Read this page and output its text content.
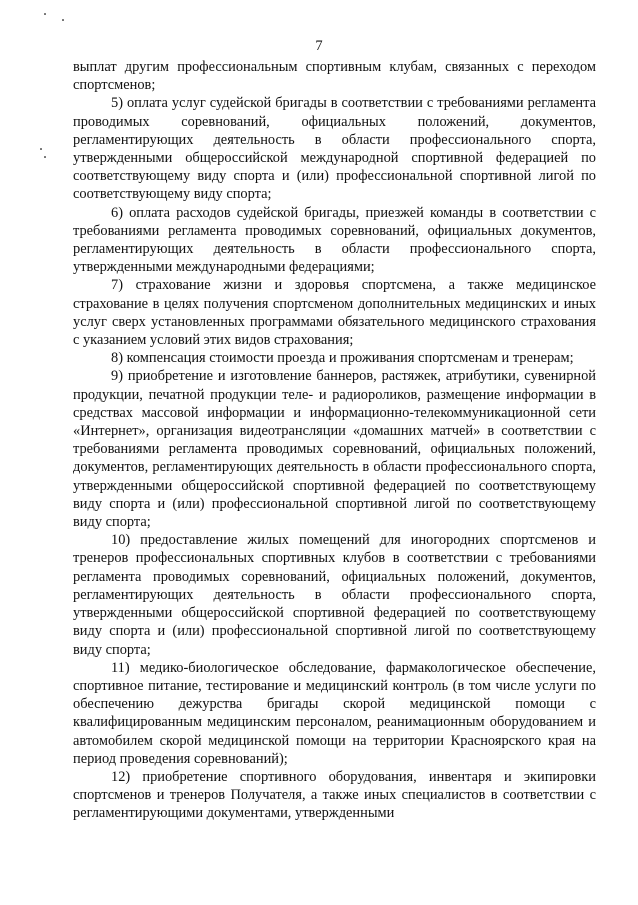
7

выплат другим профессиональным спортивным клубам, связанных с переходом спортсменов;

5) оплата услуг судейской бригады в соответствии с требованиями регламента проводимых соревнований, официальных положений, документов, регламентирующих деятельность в области профессионального спорта, утвержденными общероссийской международной спортивной федерацией по соответствующему виду спорта и (или) профессиональной спортивной лигой по соответствующему виду спорта;

6) оплата расходов судейской бригады, приезжей команды в соответствии с требованиями регламента проводимых соревнований, официальных документов, регламентирующих деятельность в области профессионального спорта, утвержденными международными федерациями;

7) страхование жизни и здоровья спортсмена, а также медицинское страхование в целях получения спортсменом дополнительных медицинских и иных услуг сверх установленных программами обязательного медицинского страхования с указанием условий этих видов страхования;

8) компенсация стоимости проезда и проживания спортсменам и тренерам;

9) приобретение и изготовление баннеров, растяжек, атрибутики, сувенирной продукции, печатной продукции теле- и радиороликов, размещение информации в средствах массовой информации и информационно-телекоммуникационной сети «Интернет», организация видеотрансляции «домашних матчей» в соответствии с требованиями регламента проводимых соревнований, официальных положений, документов, регламентирующих деятельность в области профессионального спорта, утвержденными общероссийской спортивной федерацией по соответствующему виду спорта и (или) профессиональной спортивной лигой по соответствующему виду спорта;

10) предоставление жилых помещений для иногородних спортсменов и тренеров профессиональных спортивных клубов в соответствии с требованиями регламента проводимых соревнований, официальных положений, документов, регламентирующих деятельность в области профессионального спорта, утвержденными общероссийской спортивной федерацией по соответствующему виду спорта и (или) профессиональной спортивной лигой по соответствующему виду спорта;

11) медико-биологическое обследование, фармакологическое обеспечение, спортивное питание, тестирование и медицинский контроль (в том числе услуги по обеспечению дежурства бригады скорой медицинской помощи с квалифицированным медицинским персоналом, реанимационным оборудованием и автомобилем скорой медицинской помощи на территории Красноярского края на период проведения соревнований);

12) приобретение спортивного оборудования, инвентаря и экипировки спортсменов и тренеров Получателя, а также иных специалистов в соответствии с регламентирующими документами, утвержденными
